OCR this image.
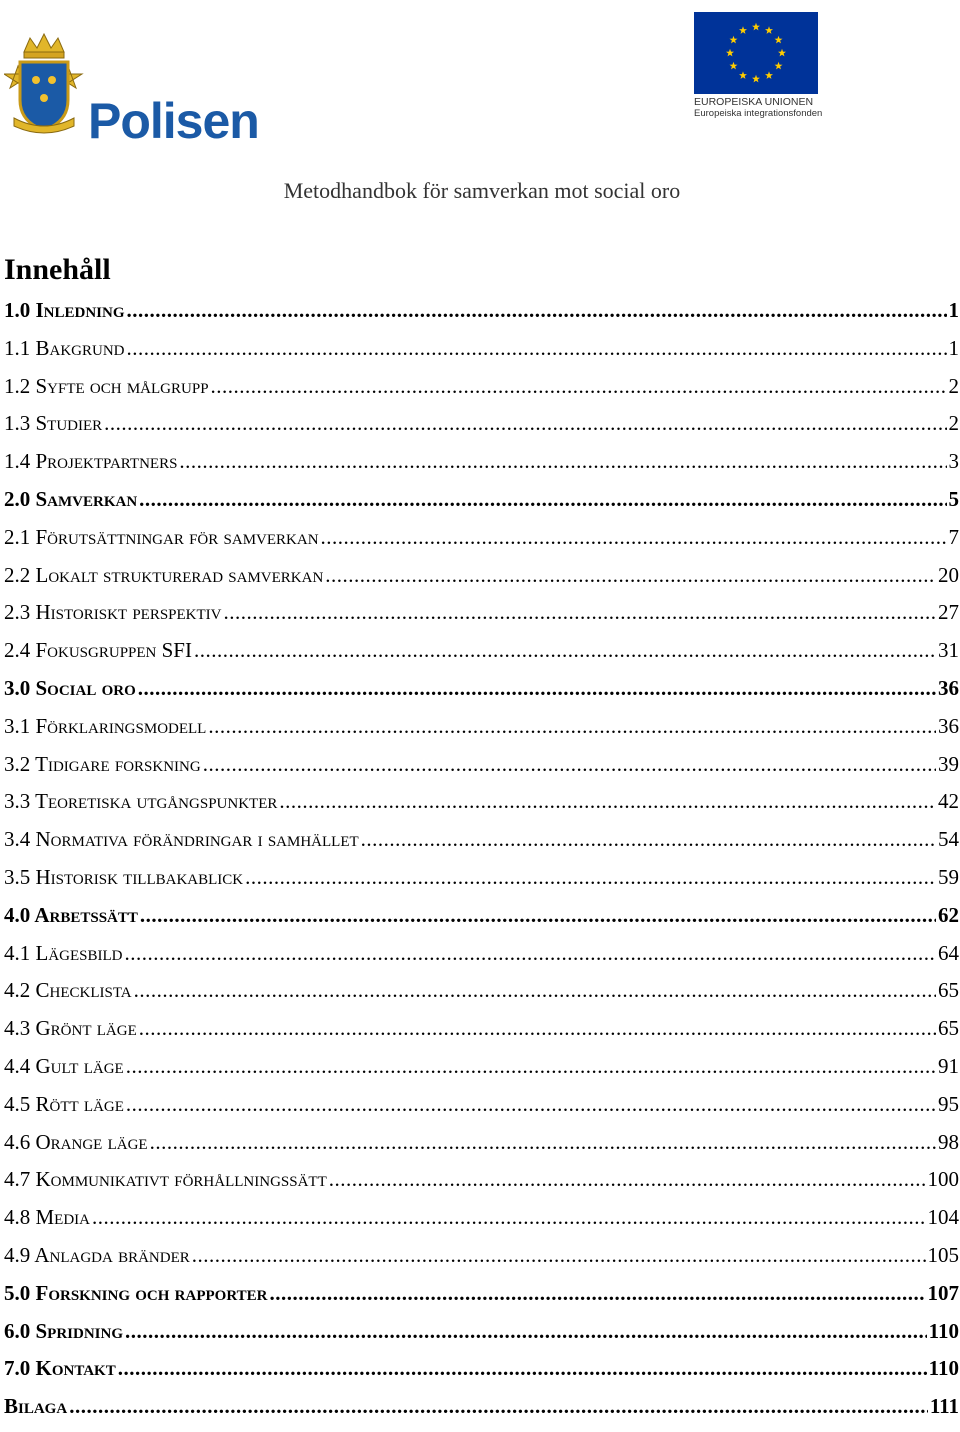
Polisen	EUROPEISKA UNIONEN
Europeiska integrationsfonden
Metodhandbok för samverkan mot social oro
Innehåll
1.0 Inledning .....	1
1.1 Bakgrund .....	1
1.2 Syfte och målgrupp .....	2
1.3 Studier .....	2
1.4 Projektpartners .....	3
2.0 Samverkan .....	5
2.1 Förutsättningar för samverkan .....	7
2.2 Lokalt strukturerad samverkan .....	20
2.3 Historiskt perspektiv .....	27
2.4 Fokusgruppen SFI .....	31
3.0 Social oro .....	36
3.1 Förklaringsmodell .....	36
3.2 Tidigare forskning .....	39
3.3 Teoretiska utgångspunkter .....	42
3.4 Normativa förändringar i samhället .....	54
3.5 Historisk tillbakablick .....	59
4.0 Arbetssätt .....	62
4.1 Lägesbild .....	64
4.2 Checklista .....	65
4.3 Grönt läge .....	65
4.4 Gult läge .....	91
4.5 Rött läge .....	95
4.6 Orange läge .....	98
4.7 Kommunikativt förhållningssätt .....	100
4.8 Media .....	104
4.9 Anlagda bränder .....	105
5.0 Forskning och rapporter .....	107
6.0 Spridning .....	110
7.0 Kontakt .....	110
Bilaga .....	111
